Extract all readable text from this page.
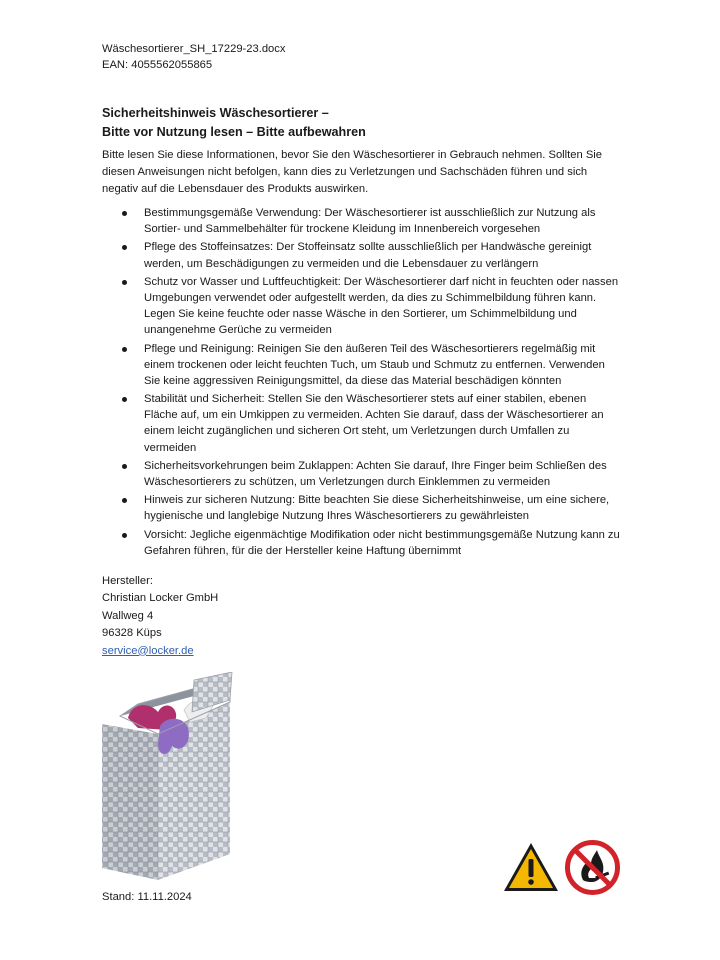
Wäschesortierer_SH_17229-23.docx
EAN: 4055562055865
Sicherheitshinweis Wäschesortierer –
Bitte vor Nutzung lesen – Bitte aufbewahren
Bitte lesen Sie diese Informationen, bevor Sie den Wäschesortierer in Gebrauch nehmen. Sollten Sie diesen Anweisungen nicht befolgen, kann dies zu Verletzungen und Sachschäden führen und sich negativ auf die Lebensdauer des Produkts auswirken.
Bestimmungsgemäße Verwendung: Der Wäschesortierer ist ausschließlich zur Nutzung als Sortier- und Sammelbehälter für trockene Kleidung im Innenbereich vorgesehen
Pflege des Stoffeinsatzes: Der Stoffeinsatz sollte ausschließlich per Handwäsche gereinigt werden, um Beschädigungen zu vermeiden und die Lebensdauer zu verlängern
Schutz vor Wasser und Luftfeuchtigkeit: Der Wäschesortierer darf nicht in feuchten oder nassen Umgebungen verwendet oder aufgestellt werden, da dies zu Schimmelbildung führen kann. Legen Sie keine feuchte oder nasse Wäsche in den Sortierer, um Schimmelbildung und unangenehme Gerüche zu vermeiden
Pflege und Reinigung: Reinigen Sie den äußeren Teil des Wäschesortierers regelmäßig mit einem trockenen oder leicht feuchten Tuch, um Staub und Schmutz zu entfernen. Verwenden Sie keine aggressiven Reinigungsmittel, da diese das Material beschädigen könnten
Stabilität und Sicherheit: Stellen Sie den Wäschesortierer stets auf einer stabilen, ebenen Fläche auf, um ein Umkippen zu vermeiden. Achten Sie darauf, dass der Wäschesortierer an einem leicht zugänglichen und sicheren Ort steht, um Verletzungen durch Umfallen zu vermeiden
Sicherheitsvorkehrungen beim Zuklappen: Achten Sie darauf, Ihre Finger beim Schließen des Wäschesortierers zu schützen, um Verletzungen durch Einklemmen zu vermeiden
Hinweis zur sicheren Nutzung: Bitte beachten Sie diese Sicherheitshinweise, um eine sichere, hygienische und langlebige Nutzung Ihres Wäschesortierers zu gewährleisten
Vorsicht: Jegliche eigenmächtige Modifikation oder nicht bestimmungsgemäße Nutzung kann zu Gefahren führen, für die der Hersteller keine Haftung übernimmt
Hersteller:
Christian Locker GmbH
Wallweg 4
96328 Küps
service@locker.de
Stand: 11.11.2024
